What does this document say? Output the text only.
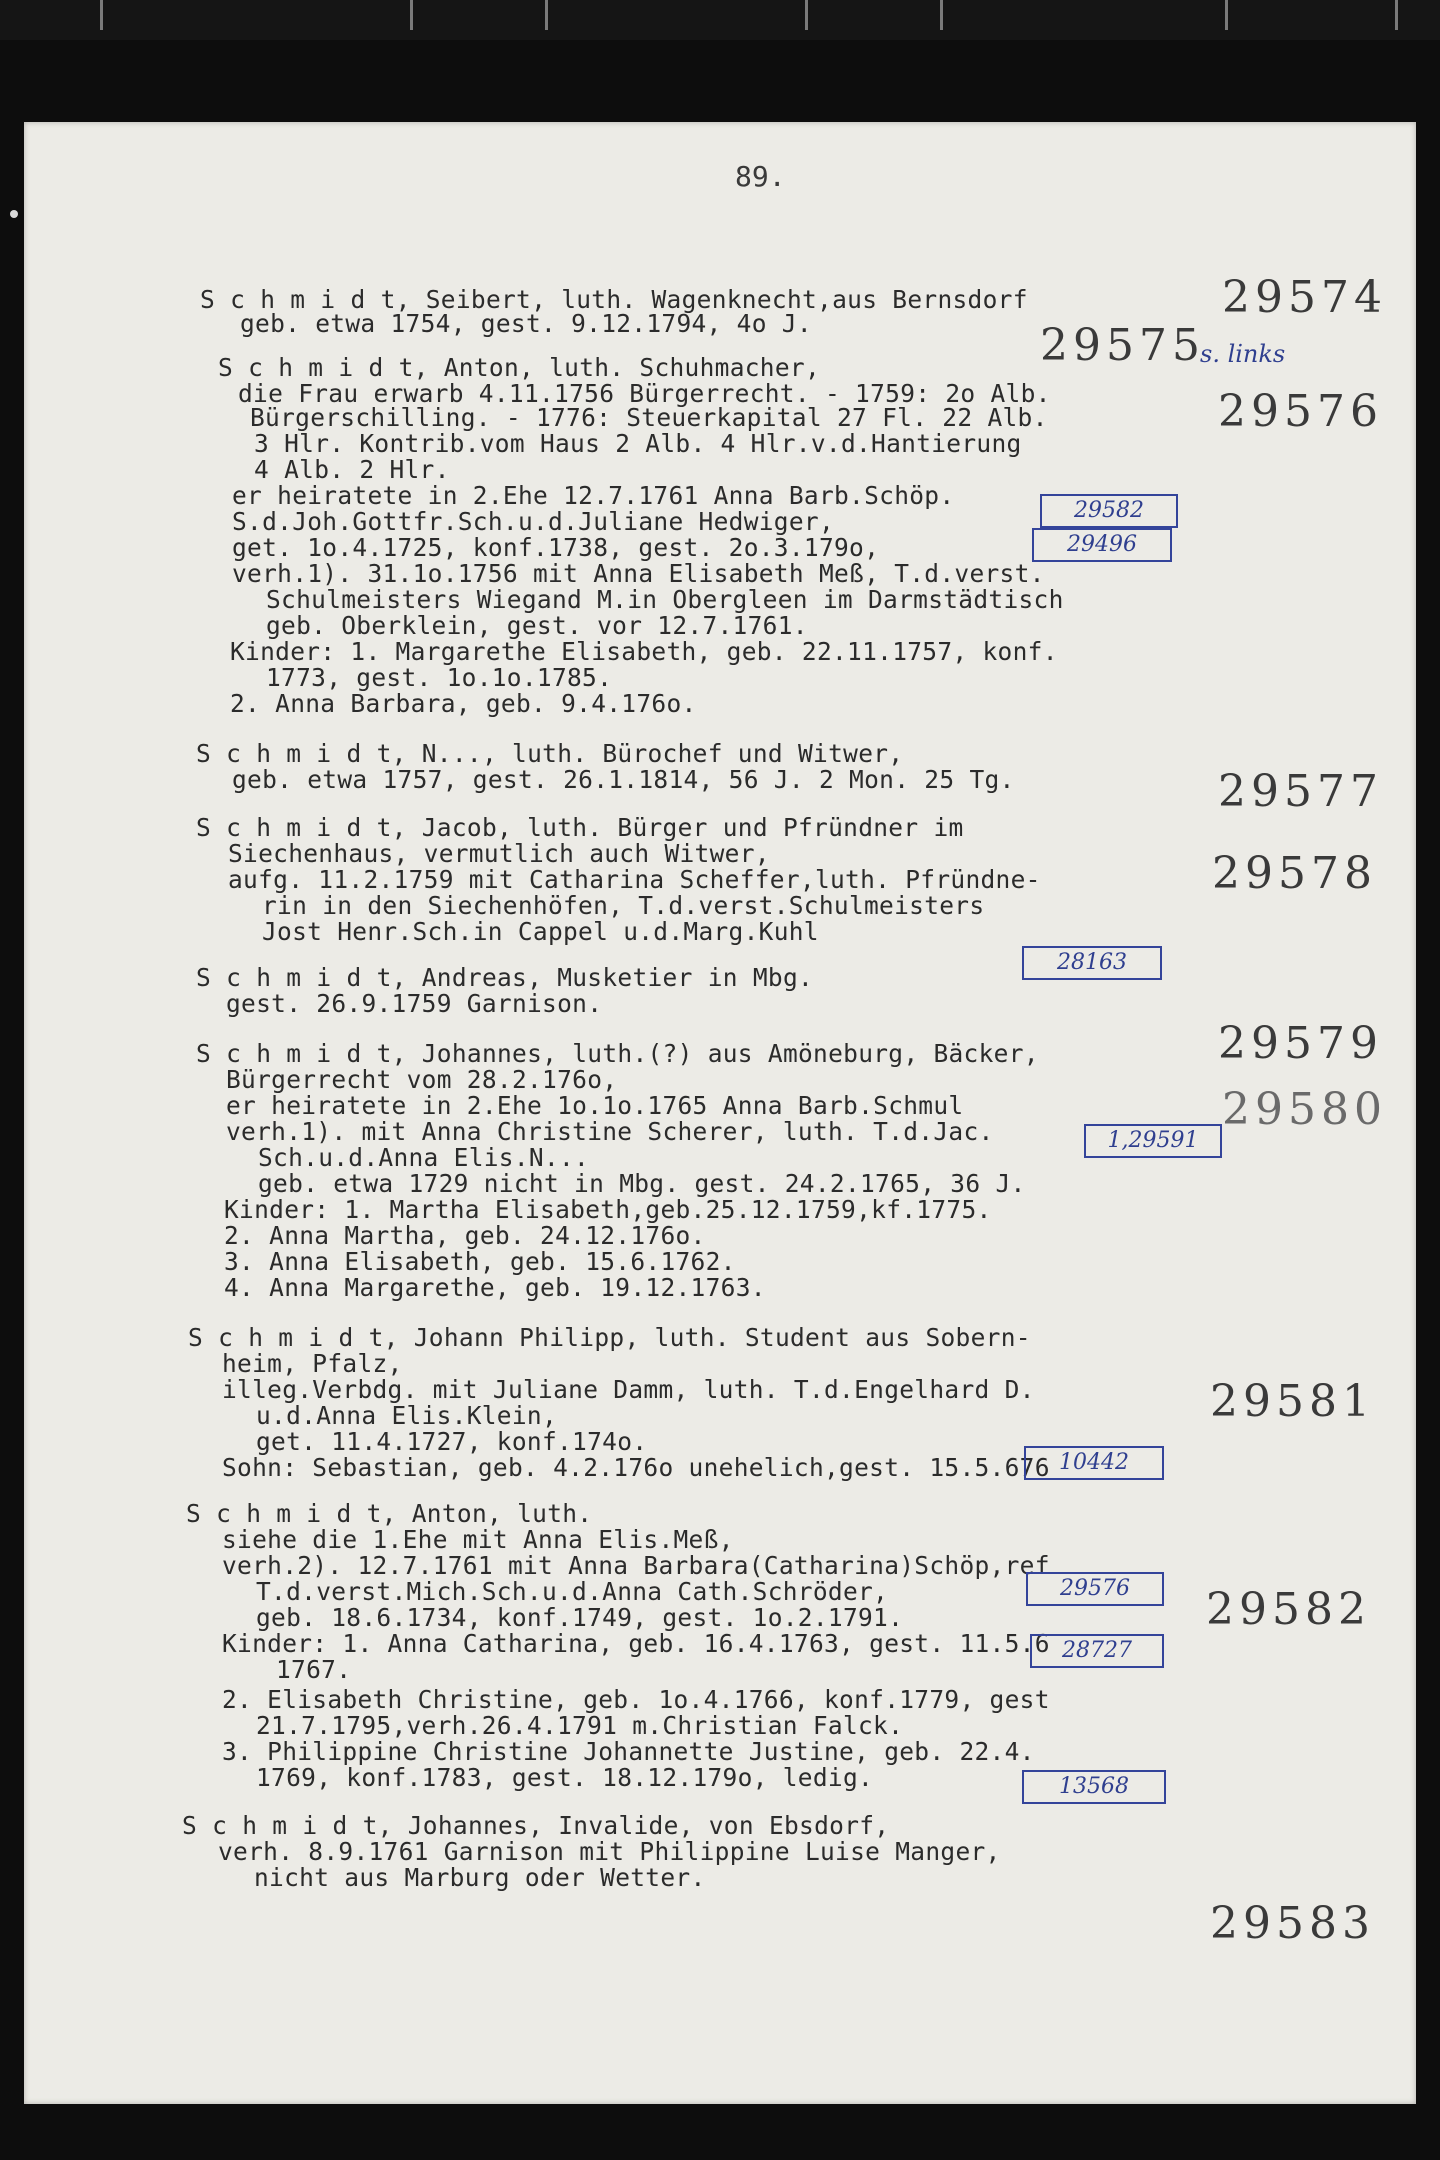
89.
S c h m i d t, Seibert, luth. Wagenknecht,aus Bernsdorf
geb. etwa 1754, gest. 9.12.1794, 4o J.
S c h m i d t, Anton, luth. Schuhmacher,
die Frau erwarb 4.11.1756 Bürgerrecht. - 1759: 2o Alb.
Bürgerschilling. - 1776: Steuerkapital 27 Fl. 22 Alb.
3 Hlr. Kontrib.vom Haus 2 Alb. 4 Hlr.v.d.Hantierung
4 Alb. 2 Hlr.
er heiratete in 2.Ehe 12.7.1761 Anna Barb.Schöp.
S.d.Joh.Gottfr.Sch.u.d.Juliane Hedwiger,
get. 1o.4.1725, konf.1738, gest. 2o.3.179o,
verh.1). 31.1o.1756 mit Anna Elisabeth Meß, T.d.verst.
Schulmeisters Wiegand M.in Obergleen im Darmstädtisch
geb. Oberklein, gest. vor 12.7.1761.
Kinder: 1. Margarethe Elisabeth, geb. 22.11.1757, konf.
1773, gest. 1o.1o.1785.
2. Anna Barbara, geb. 9.4.176o.
S c h m i d t, N..., luth. Bürochef und Witwer,
geb. etwa 1757, gest. 26.1.1814, 56 J. 2 Mon. 25 Tg.
S c h m i d t, Jacob, luth. Bürger und Pfründner im
Siechenhaus, vermutlich auch Witwer,
aufg. 11.2.1759 mit Catharina Scheffer,luth. Pfründne-
rin in den Siechenhöfen, T.d.verst.Schulmeisters
Jost Henr.Sch.in Cappel u.d.Marg.Kuhl
S c h m i d t, Andreas, Musketier in Mbg.
gest. 26.9.1759 Garnison.
S c h m i d t, Johannes, luth.(?) aus Amöneburg, Bäcker,
Bürgerrecht vom 28.2.176o,
er heiratete in 2.Ehe 1o.1o.1765 Anna Barb.Schmul
verh.1). mit Anna Christine Scherer, luth. T.d.Jac.
Sch.u.d.Anna Elis.N...
geb. etwa 1729 nicht in Mbg. gest. 24.2.1765, 36 J.
Kinder: 1. Martha Elisabeth,geb.25.12.1759,kf.1775.
2. Anna Martha, geb. 24.12.176o.
3. Anna Elisabeth, geb. 15.6.1762.
4. Anna Margarethe, geb. 19.12.1763.
S c h m i d t, Johann Philipp, luth. Student aus Sobern-
heim, Pfalz,
illeg.Verbdg. mit Juliane Damm, luth. T.d.Engelhard D.
u.d.Anna Elis.Klein,
get. 11.4.1727, konf.174o.
Sohn: Sebastian, geb. 4.2.176o unehelich,gest. 15.5.676
S c h m i d t, Anton, luth.
siehe die 1.Ehe mit Anna Elis.Meß,
verh.2). 12.7.1761 mit Anna Barbara(Catharina)Schöp,ref
T.d.verst.Mich.Sch.u.d.Anna Cath.Schröder,
geb. 18.6.1734, konf.1749, gest. 1o.2.1791.
Kinder: 1. Anna Catharina, geb. 16.4.1763, gest. 11.5.6
1767.
2. Elisabeth Christine, geb. 1o.4.1766, konf.1779, gest
21.7.1795,verh.26.4.1791 m.Christian Falck.
3. Philippine Christine Johannette Justine, geb. 22.4.
1769, konf.1783, gest. 18.12.179o, ledig.
S c h m i d t, Johannes, Invalide, von Ebsdorf,
verh. 8.9.1761 Garnison mit Philippine Luise Manger,
nicht aus Marburg oder Wetter.
29574
29575
s. links
29576
29577
29578
29579
29580
29581
29582
29583
29582
29496
28163
1,29591
10442
29576
28727
13568
